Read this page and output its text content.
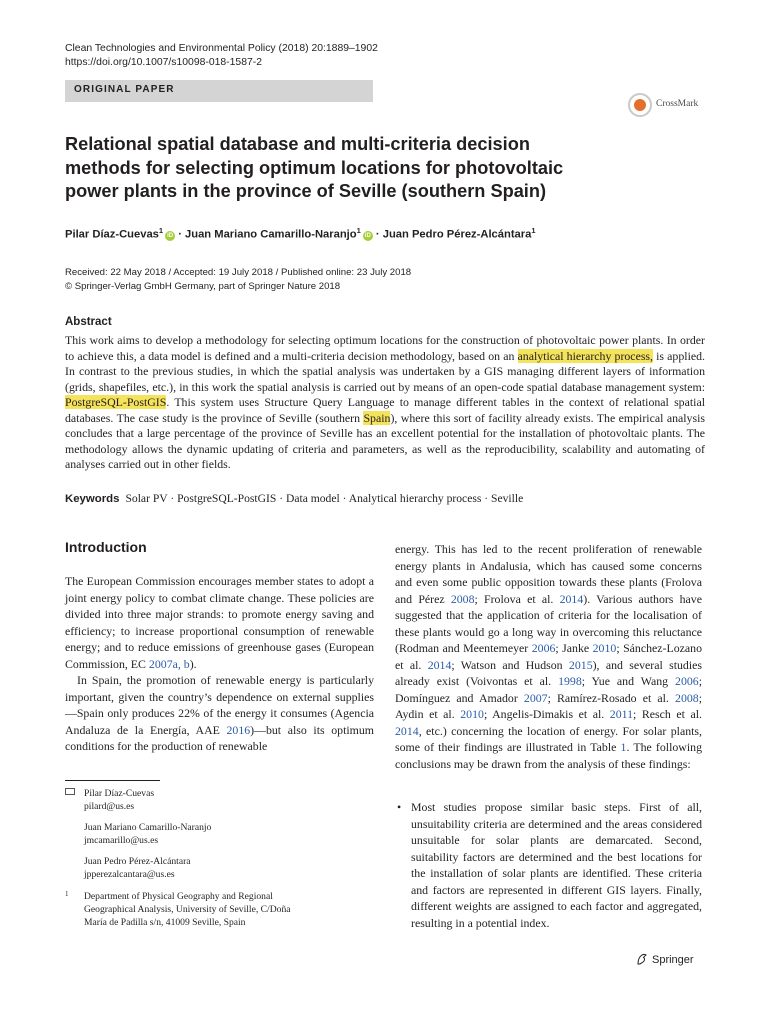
Clean Technologies and Environmental Policy (2018) 20:1889–1902
https://doi.org/10.1007/s10098-018-1587-2
ORIGINAL PAPER
CrossMark
Relational spatial database and multi-criteria decision methods for selecting optimum locations for photovoltaic power plants in the province of Seville (southern Spain)
Pilar Díaz-Cuevas$^1$iD · Juan Mariano Camarillo-Naranjo$^1$iD · Juan Pedro Pérez-Alcántara$^1$
Received: 22 May 2018 / Accepted: 19 July 2018 / Published online: 23 July 2018
© Springer-Verlag GmbH Germany, part of Springer Nature 2018
Abstract
This work aims to develop a methodology for selecting optimum locations for the construction of photovoltaic power plants. In order to achieve this, a data model is defined and a multi-criteria decision methodology, based on an analytical hierarchy process, is applied. In contrast to the previous studies, in which the spatial analysis was undertaken by a GIS managing different layers of information (grids, shapefiles, etc.), in this work the spatial analysis is carried out by means of an open-code spatial database management system: PostgreSQL-PostGIS. This system uses Structure Query Language to manage different tables in the context of relational spatial databases. The case study is the province of Seville (southern Spain), where this sort of facility already exists. The empirical analysis concludes that a large percentage of the province of Seville has an excellent potential for the installation of photovoltaic plants. The methodology allows the dynamic updating of criteria and parameters, as well as the reproducibility, scalability and automating of analyses carried out in other fields.
Keywords Solar PV · PostgreSQL-PostGIS · Data model · Analytical hierarchy process · Seville
Introduction

The European Commission encourages member states to adopt a joint energy policy to combat climate change. These policies are divided into three major strands: to promote energy saving and efficiency; to increase proportional consumption of renewable energy; and to reduce emissions of greenhouse gases (European Commission, EC 2007a, b).

In Spain, the promotion of renewable energy is particularly important, given the country’s dependence on external supplies—Spain only produces 22% of the energy it consumes (Agencia Andaluza de la Energía, AAE 2016)—but also its optimum conditions for the production of renewable

energy. This has led to the recent proliferation of renewable energy plants in Andalusia, which has caused some concerns and even some public opposition towards these plants (Frolova and Pérez 2008; Frolova et al. 2014). Various authors have suggested that the application of criteria for the localisation of these plants would go a long way in overcoming this reluctance (Rodman and Meentemeyer 2006; Janke 2010; Sánchez-Lozano et al. 2014; Watson and Hudson 2015), and several studies already exist (Voivontas et al. 1998; Yue and Wang 2006; Domínguez and Amador 2007; Ramírez-Rosado et al. 2008; Aydin et al. 2010; Angelis-Dimakis et al. 2011; Resch et al. 2014, etc.) concerning the location of energy. For solar plants, some of their findings are illustrated in Table 1. The following conclusions may be drawn from the analysis of these findings:

• Most studies propose similar basic steps. First of all, unsuitability criteria are determined and the areas considered unsuitable for solar plants are demarcated. Second, suitability factors are determined and the best locations for the installation of solar plants are identified. These criteria and factors are represented in different GIS layers. Finally, different weights are assigned to each factor and aggregated, resulting in a potential index.
Pilar Díaz-Cuevas
pilard@us.es
Juan Mariano Camarillo-Naranjo
jmcamarillo@us.es
Juan Pedro Pérez-Alcántara
jpperezalcantara@us.es
1 Department of Physical Geography and Regional Geographical Analysis, University of Seville, C/Doña María de Padilla s/n, 41009 Seville, Spain
Springer
